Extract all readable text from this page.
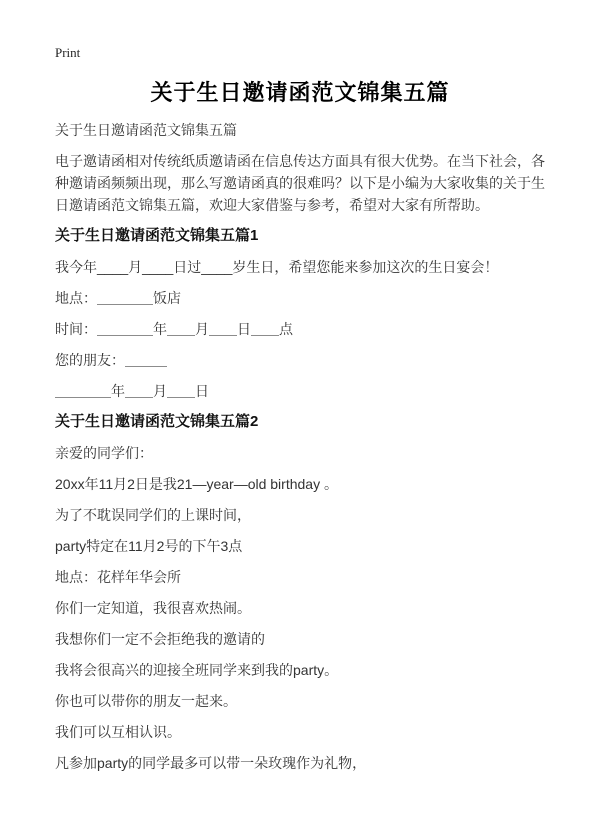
Print
关于生日邀请函范文锦集五篇

关于生日邀请函范文锦集五篇

电子邀请函相对传统纸质邀请函在信息传达方面具有很大优势。在当下社会，各种邀请函频频出现，那么写邀请函真的很难吗？以下是小编为大家收集的关于生日邀请函范文锦集五篇，欢迎大家借鉴与参考，希望对大家有所帮助。

关于生日邀请函范文锦集五篇1

我今年____月____日过____岁生日，希望您能来参加这次的生日宴会！

地点：＿＿＿＿饭店

时间：＿＿＿＿年＿＿月＿＿日＿＿点

您的朋友：＿＿＿

＿＿＿＿年＿＿月＿＿日

关于生日邀请函范文锦集五篇2

亲爱的同学们：

20xx年11月2日是我21—year—old birthday 。

为了不耽误同学们的上课时间，

party特定在11月2号的下午3点

地点：花样年华会所

你们一定知道，我很喜欢热闹。

我想你们一定不会拒绝我的邀请的

我将会很高兴的迎接全班同学来到我的party。

你也可以带你的朋友一起来。

我们可以互相认识。

凡参加party的同学最多可以带一朵玫瑰作为礼物，
